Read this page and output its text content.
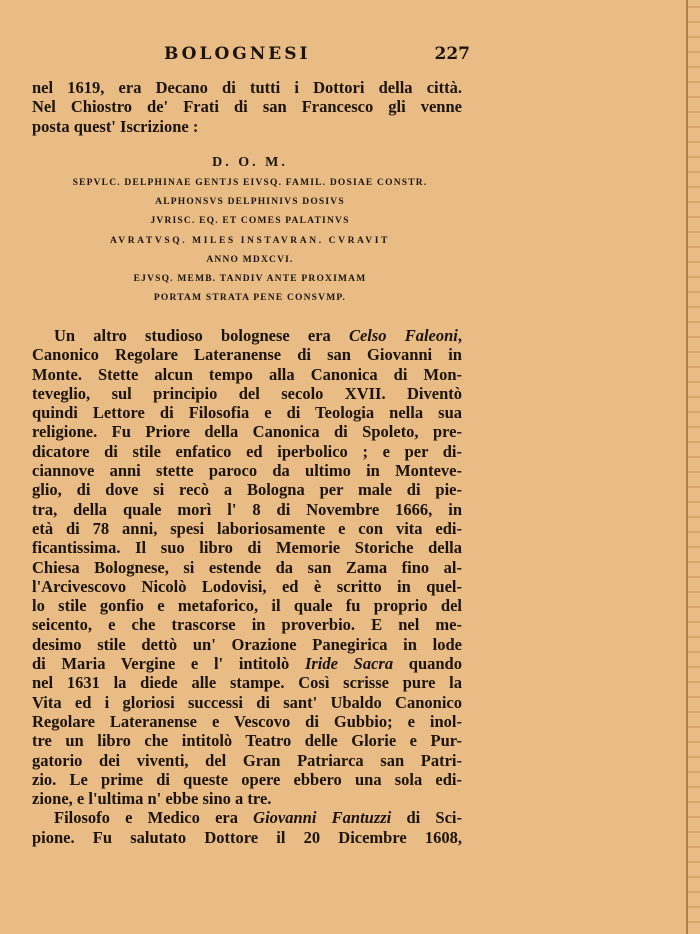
BOLOGNESI	227
nel 1619, era Decano di tutti i Dottori della città.
Nel Chiostro de' Frati di san Francesco gli venne
posta quest' Iscrizione :
D. O. M.
SEPVLC. DELPHINAE GENTJS EIVSQ. FAMIL. DOSIAE CONSTR.
ALPHONSVS DELPHINIVS DOSIVS
JVRISC. EQ. ET COMES PALATINVS
AVRATVSQ. MILES INSTAVRAN. CVRAVIT
ANNO MDXCVI.
EJVSQ. MEMB. TANDIV ANTE PROXIMAM
PORTAM STRATA PENE CONSVMP.
Un altro studioso bolognese era Celso Faleoni,
Canonico Regolare Lateranense di san Giovanni in
Monte. Stette alcun tempo alla Canonica di Mon-
teveglio, sul principio del secolo XVII. Diventò
quindi Lettore di Filosofia e di Teologia nella sua
religione. Fu Priore della Canonica di Spoleto, pre-
dicatore di stile enfatico ed iperbolico ; e per di-
ciannove anni stette paroco da ultimo in Monteve-
glio, di dove si recò a Bologna per male di pie-
tra, della quale morì l' 8 di Novembre 1666, in
età di 78 anni, spesi laboriosamente e con vita edi-
ficantissima. Il suo libro di Memorie Storiche della
Chiesa Bolognese, si estende da san Zama fino al-
l'Arcivescovo Nicolò Lodovisi, ed è scritto in quel-
lo stile gonfio e metaforico, il quale fu proprio del
seicento, e che trascorse in proverbio. E nel me-
desimo stile dettò un' Orazione Panegirica in lode
di Maria Vergine e l' intitolò Iride Sacra quando
nel 1631 la diede alle stampe. Così scrisse pure la
Vita ed i gloriosi successi di sant' Ubaldo Canonico
Regolare Lateranense e Vescovo di Gubbio; e inol-
tre un libro che intitolò Teatro delle Glorie e Pur-
gatorio dei viventi, del Gran Patriarca san Patri-
zio. Le prime di queste opere ebbero una sola edi-
zione, e l'ultima n' ebbe sino a tre.
Filosofo e Medico era Giovanni Fantuzzi di Sci-
pione. Fu salutato Dottore il 20 Dicembre 1608,
